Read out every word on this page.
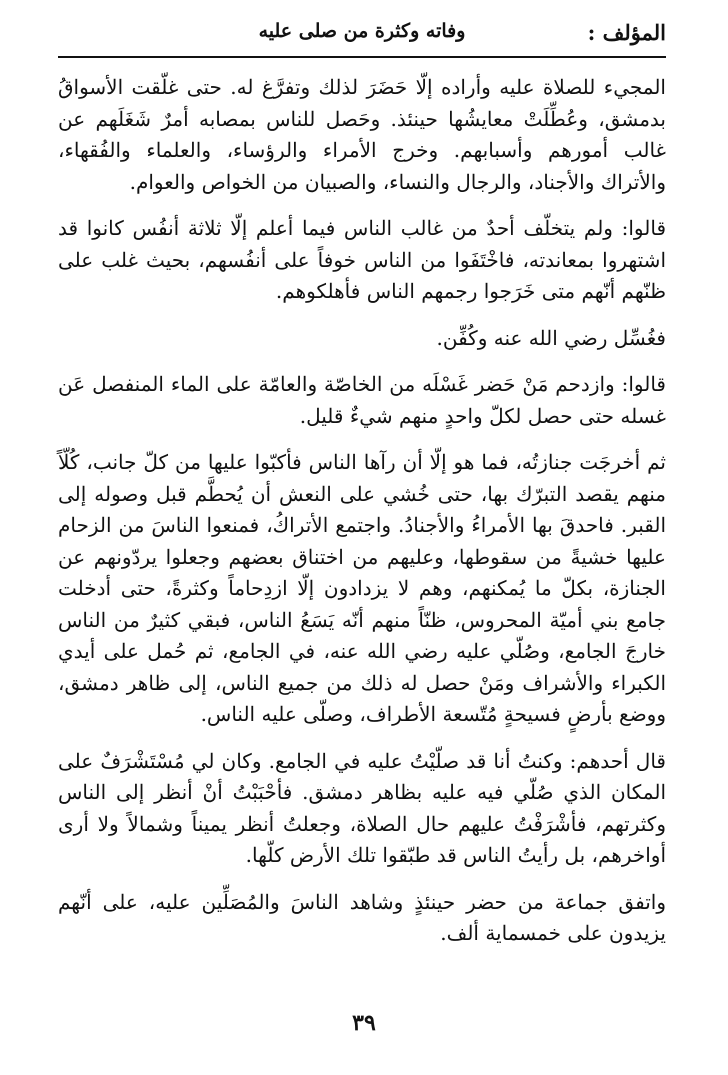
المؤلف :
وفاته وكثرة من صلى عليه

المجيء للصلاة عليه وأراده إلّا حَضَرَ لذلك وتفرَّغ له. حتى غلّقت الأسواقُ بدمشق، وعُطِّلَتْ معايشُها حينئذ. وحَصل للناس بمصابه أمرٌ شَغَلَهم عن غالب أمورهم وأسبابهم. وخرج الأمراء والرؤساء، والعلماء والفُقهاء، والأتراك والأجناد، والرجال والنساء، والصبيان من الخواص والعوام.

قالوا: ولم يتخلّف أحدٌ من غالب الناس فيما أعلم إلّا ثلاثة أنفُس كانوا قد اشتهروا بمعاندته، فاخْتَفَوا من الناس خوفاً على أنفُسهم، بحيث غلب على ظنّهم أنّهم متى خَرَجوا رجمهم الناس فأهلكوهم.

فغُسِّل رضي الله عنه وكُفِّن.

قالوا: وازدحم مَنْ حَضر غَسْلَه من الخاصّة والعامّة على الماء المنفصل عَن غسله حتى حصل لكلّ واحدٍ منهم شيءٌ قليل.

ثم أخرجَت جنازتُه، فما هو إلّا أن رآها الناس فأكبّوا عليها من كلّ جانب، كُلّاً منهم يقصد التبرّك بها، حتى خُشي على النعش أن يُحطَّم قبل وصوله إلى القبر. فاحدقَ بها الأمراءُ والأجنادُ. واجتمع الأتراكُ، فمنعوا الناسَ من الزحام عليها خشيةً من سقوطها، وعليهم من اختناق بعضهم وجعلوا يردّونهم عن الجنازة، بكلّ ما يُمكنهم، وهم لا يزدادون إلّا ازدِحاماً وكثرةً، حتى أدخلت جامع بني أميّة المحروس، ظنّاً منهم أنّه يَسَعُ الناس، فبقي كثيرٌ من الناس خارجَ الجامع، وصُلّي عليه رضي الله عنه، في الجامع، ثم حُمل على أيدي الكبراء والأشراف ومَنْ حصل له ذلك من جميع الناس، إلى ظاهر دمشق، ووضع بأرضٍ فسيحةٍ مُتّسعة الأطراف، وصلّى عليه الناس.

قال أحدهم: وكنتُ أنا قد صلّيْتُ عليه في الجامع. وكان لي مُسْتَشْرَفٌ على المكان الذي صُلّي فيه عليه بظاهر دمشق. فأحْبَبْتُ أنْ أنظر إلى الناس وكثرتهم، فأشْرَفْتُ عليهم حال الصلاة، وجعلتُ أنظر يميناً وشمالاً ولا أرى أواخرهم، بل رأيتُ الناس قد طبّقوا تلك الأرض كلّها.

واتفق جماعة من حضر حينئذٍ وشاهد الناسَ والمُصَلِّين عليه، على أنّهم يزيدون على خمسماية ألف.

٣٩
